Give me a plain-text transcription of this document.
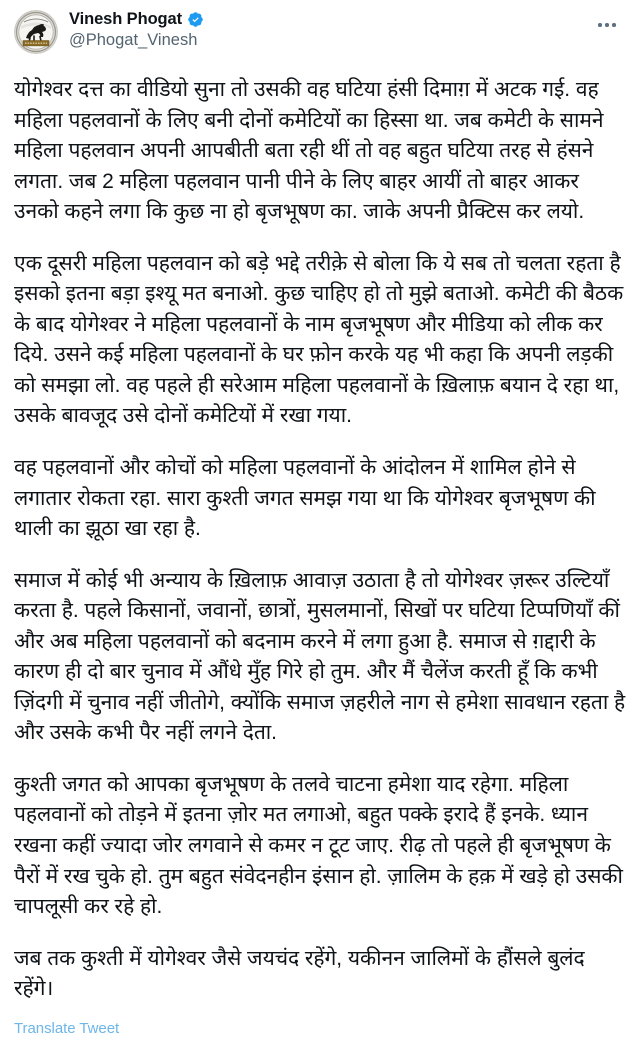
Vinesh Phogat
@Phogat_Vinesh

योगेश्वर दत्त का वीडियो सुना तो उसकी वह घटिया हंसी दिमाग़ में अटक गई. वह महिला पहलवानों के लिए बनी दोनों कमेटियों का हिस्सा था. जब कमेटी के सामने महिला पहलवान अपनी आपबीती बता रही थीं तो वह बहुत घटिया तरह से हंसने लगता. जब 2 महिला पहलवान पानी पीने के लिए बाहर आयीं तो बाहर आकर उनको कहने लगा कि कुछ ना हो बृजभूषण का. जाके अपनी प्रैक्टिस कर लयो.

एक दूसरी महिला पहलवान को बड़े भद्दे तरीक़े से बोला कि ये सब तो चलता रहता है इसको इतना बड़ा इश्यू मत बनाओ. कुछ चाहिए हो तो मुझे बताओ. कमेटी की बैठक के बाद योगेश्वर ने महिला पहलवानों के नाम बृजभूषण और मीडिया को लीक कर दिये. उसने कई महिला पहलवानों के घर फ़ोन करके यह भी कहा कि अपनी लड़की को समझा लो. वह पहले ही सरेआम महिला पहलवानों के ख़िलाफ़ बयान दे रहा था, उसके बावजूद उसे दोनों कमेटियों में रखा गया.

वह पहलवानों और कोचों को महिला पहलवानों के आंदोलन में शामिल होने से लगातार रोकता रहा. सारा कुश्ती जगत समझ गया था कि योगेश्वर बृजभूषण की थाली का झूठा खा रहा है.

समाज में कोई भी अन्याय के ख़िलाफ़ आवाज़ उठाता है तो योगेश्वर ज़रूर उल्टियाँ करता है. पहले किसानों, जवानों, छात्रों, मुसलमानों, सिखों पर घटिया टिप्पणियाँ कीं और अब महिला पहलवानों को बदनाम करने में लगा हुआ है. समाज से ग़द्दारी के कारण ही दो बार चुनाव में औंधे मुँह गिरे हो तुम. और मैं चैलेंज करती हूँ कि कभी ज़िंदगी में चुनाव नहीं जीतोगे, क्योंकि समाज ज़हरीले नाग से हमेशा सावधान रहता है और उसके कभी पैर नहीं लगने देता.

कुश्ती जगत को आपका बृजभूषण के तलवे चाटना हमेशा याद रहेगा. महिला पहलवानों को तोड़ने में इतना ज़ोर मत लगाओ, बहुत पक्के इरादे हैं इनके. ध्यान रखना कहीं ज्यादा जोर लगवाने से कमर न टूट जाए. रीढ़ तो पहले ही बृजभूषण के पैरों में रख चुके हो. तुम बहुत संवेदनहीन इंसान हो. ज़ालिम के हक़ में खड़े हो उसकी चापलूसी कर रहे हो.

जब तक कुश्ती में योगेश्वर जैसे जयचंद रहेंगे, यकीनन जालिमों के हौंसले बुलंद रहेंगे।

Translate Tweet
